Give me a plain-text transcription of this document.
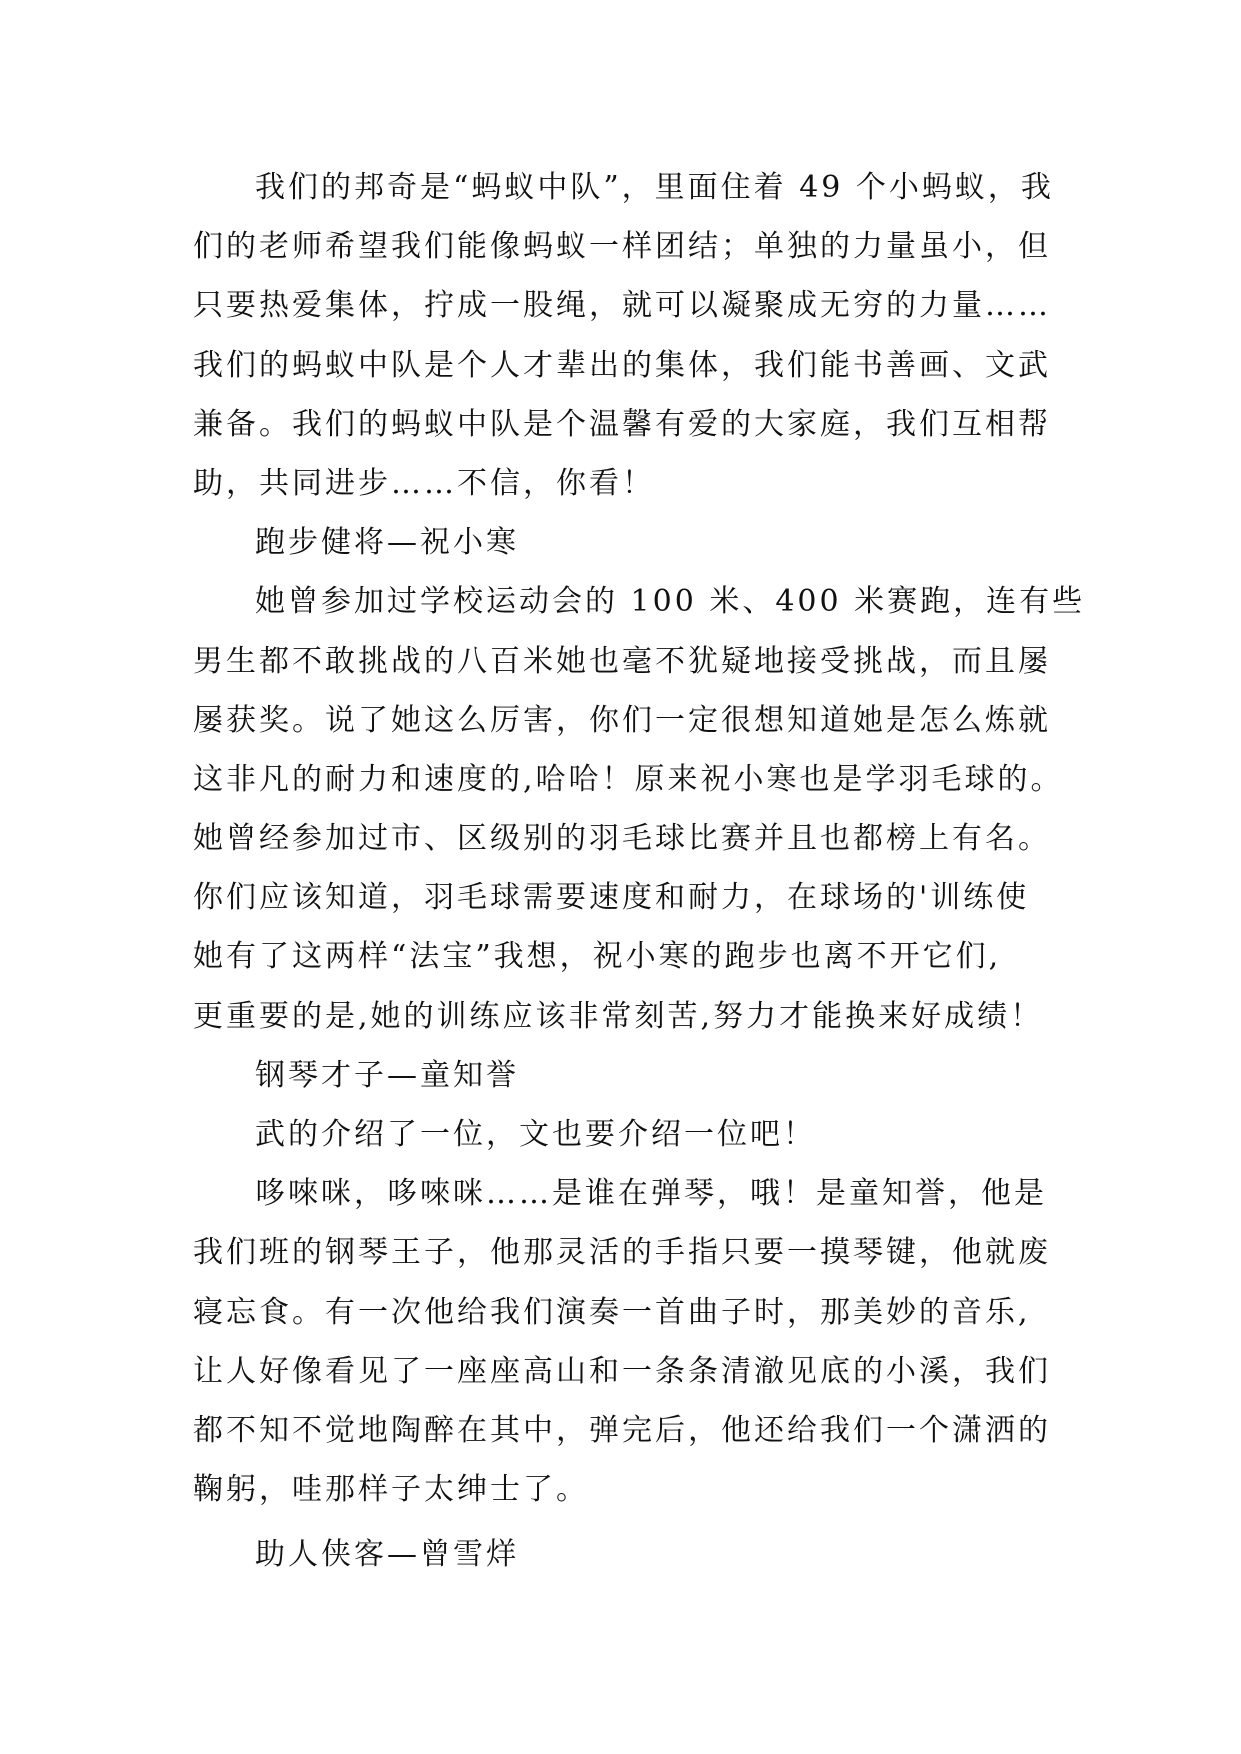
我们的邦奇是“蚂蚁中队”，里面住着 49 个小蚂蚁，我
们的老师希望我们能像蚂蚁一样团结；单独的力量虽小，但
只要热爱集体，拧成一股绳，就可以凝聚成无穷的力量……
我们的蚂蚁中队是个人才辈出的集体，我们能书善画、文武
兼备。我们的蚂蚁中队是个温馨有爱的大家庭，我们互相帮
助，共同进步……不信，你看！
跑步健将—祝小寒
她曾参加过学校运动会的 100 米、400 米赛跑，连有些
男生都不敢挑战的八百米她也毫不犹疑地接受挑战，而且屡
屡获奖。说了她这么厉害，你们一定很想知道她是怎么炼就
这非凡的耐力和速度的,哈哈！原来祝小寒也是学羽毛球的。
她曾经参加过市、区级别的羽毛球比赛并且也都榜上有名。
你们应该知道，羽毛球需要速度和耐力，在球场的'训练使
她有了这两样“法宝”我想，祝小寒的跑步也离不开它们,
更重要的是,她的训练应该非常刻苦,努力才能换来好成绩！
钢琴才子—童知誉
武的介绍了一位，文也要介绍一位吧！
哆唻咪，哆唻咪……是谁在弹琴，哦！是童知誉，他是
我们班的钢琴王子，他那灵活的手指只要一摸琴键，他就废
寝忘食。有一次他给我们演奏一首曲子时，那美妙的音乐,
让人好像看见了一座座高山和一条条清澈见底的小溪，我们
都不知不觉地陶醉在其中，弹完后，他还给我们一个潇洒的
鞠躬，哇那样子太绅士了。
助人侠客—曾雪烊
